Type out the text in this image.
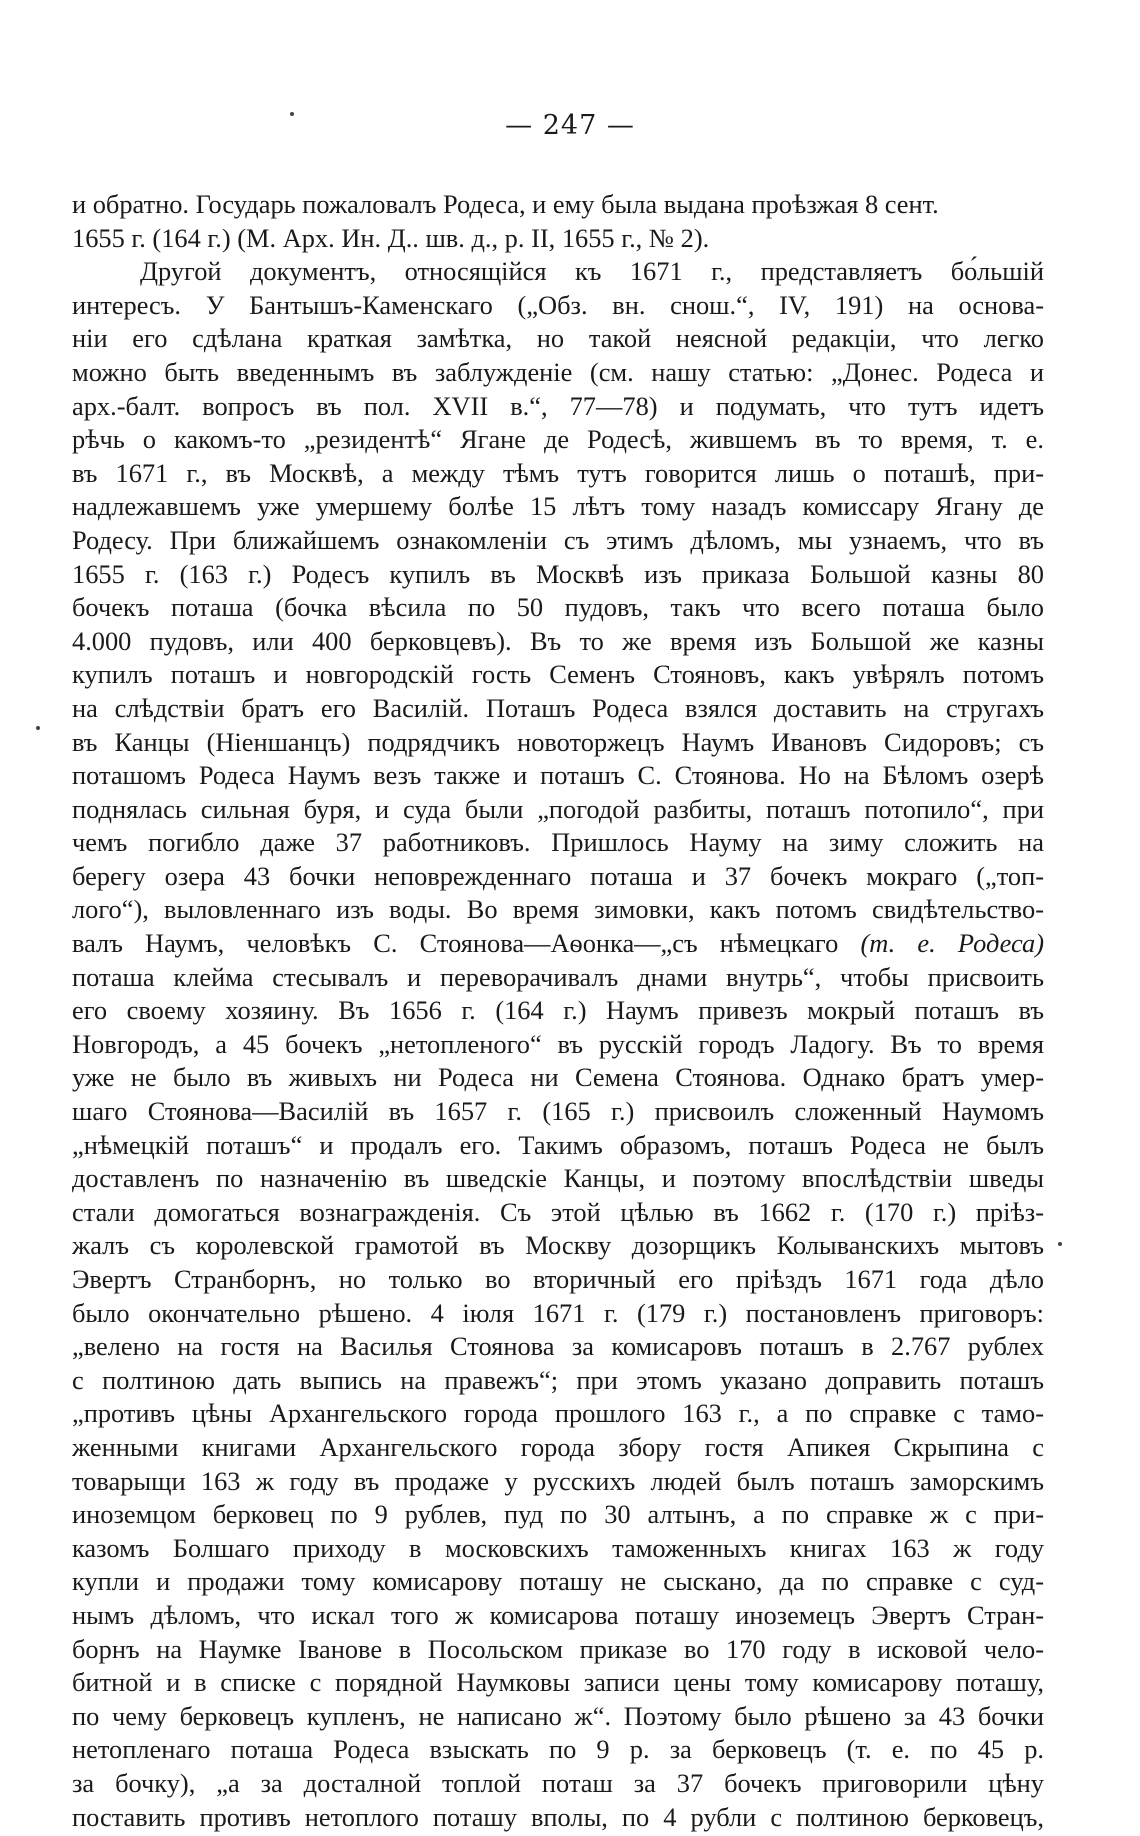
— 247 —
и обратно. Государь пожаловалъ Родеса, и ему была выдана проѣзжая 8 сент.
1655 г. (164 г.) (М. Арх. Ин. Д.. шв. д., р. II, 1655 г., № 2).
Другой документъ, относящійся къ 1671 г., представляетъ бо́льшій
интересъ. У Бантышъ-Каменскаго („Обз. вн. снош.“, IV, 191) на основа-
ніи его сдѣлана краткая замѣтка, но такой неясной редакціи, что легко
можно быть введеннымъ въ заблужденіе (см. нашу статью: „Донес. Родеса и
арх.-балт. вопросъ въ пол. XVII в.“, 77—78) и подумать, что тутъ идетъ
рѣчь о какомъ-то „резидентѣ“ Ягане де Родесѣ, жившемъ въ то время, т. е.
въ 1671 г., въ Москвѣ, а между тѣмъ тутъ говорится лишь о поташѣ, при-
надлежавшемъ уже умершему болѣе 15 лѣтъ тому назадъ комиссару Ягану де
Родесу. При ближайшемъ ознакомленіи съ этимъ дѣломъ, мы узнаемъ, что въ
1655 г. (163 г.) Родесъ купилъ въ Москвѣ изъ приказа Большой казны 80
бочекъ поташа (бочка вѣсила по 50 пудовъ, такъ что всего поташа было
4.000 пудовъ, или 400 берковцевъ). Въ то же время изъ Большой же казны
купилъ поташъ и новгородскій гость Семенъ Стояновъ, какъ увѣрялъ потомъ
на слѣдствіи братъ его Василій. Поташъ Родеса взялся доставить на стругахъ
въ Канцы (Ніеншанцъ) подрядчикъ новоторжецъ Наумъ Ивановъ Сидоровъ; съ
поташомъ Родеса Наумъ везъ также и поташъ С. Стоянова. Но на Бѣломъ озерѣ
поднялась сильная буря, и суда были „погодой разбиты, поташъ потопило“, при
чемъ погибло даже 37 работниковъ. Пришлось Науму на зиму сложить на
берегу озера 43 бочки неповрежденнаго поташа и 37 бочекъ мокраго („топ-
лого“), выловленнаго изъ воды. Во время зимовки, какъ потомъ свидѣтельство-
валъ Наумъ, человѣкъ С. Стоянова—Аѳонка—„съ нѣмецкаго (т. е. Родеса)
поташа клейма стесывалъ и переворачивалъ днами внутрь“, чтобы присвоить
его своему хозяину. Въ 1656 г. (164 г.) Наумъ привезъ мокрый поташъ въ
Новгородъ, а 45 бочекъ „нетопленого“ въ русскій городъ Ладогу. Въ то время
уже не было въ живыхъ ни Родеса ни Семена Стоянова. Однако братъ умер-
шаго Стоянова—Василій въ 1657 г. (165 г.) присвоилъ сложенный Наумомъ
„нѣмецкій поташъ“ и продалъ его. Такимъ образомъ, поташъ Родеса не былъ
доставленъ по назначенію въ шведскіе Канцы, и поэтому впослѣдствіи шведы
стали домогаться вознагражденія. Съ этой цѣлью въ 1662 г. (170 г.) пріѣз-
жалъ съ королевской грамотой въ Москву дозорщикъ Колыванскихъ мытовъ
Эвертъ Странборнъ, но только во вторичный его пріѣздъ 1671 года дѣло
было окончательно рѣшено. 4 іюля 1671 г. (179 г.) постановленъ приговоръ:
„велено на гостя на Василья Стоянова за комисаровъ поташъ в 2.767 рублех
с полтиною дать выпись на правежъ“; при этомъ указано доправить поташъ
„противъ цѣны Архангельского города прошлого 163 г., а по справке с тамо-
женными книгами Архангельского города збору гостя Апикея Скрыпина с
товарыщи 163 ж году въ продаже у русскихъ людей былъ поташъ заморскимъ
иноземцом берковец по 9 рублев, пуд по 30 алтынъ, а по справке ж с при-
казомъ Болшаго приходу в московскихъ таможенныхъ книгах 163 ж году
купли и продажи тому комисарову поташу не сыскано, да по справке с суд-
нымъ дѣломъ, что искал того ж комисарова поташу иноземецъ Эвертъ Стран-
борнъ на Наумке Іванове в Посольском приказе во 170 году в исковой чело-
битной и в списке с порядной Наумковы записи цены тому комисарову поташу,
по чему берковецъ купленъ, не написано ж“. Поэтому было рѣшено за 43 бочки
нетопленаго поташа Родеса взыскать по 9 р. за берковецъ (т. е. по 45 р.
за бочку), „а за досталной топлой поташ за 37 бочекъ приговорили цѣну
поставить противъ нетоплого поташу вполы, по 4 рубли с полтиною берковецъ,
